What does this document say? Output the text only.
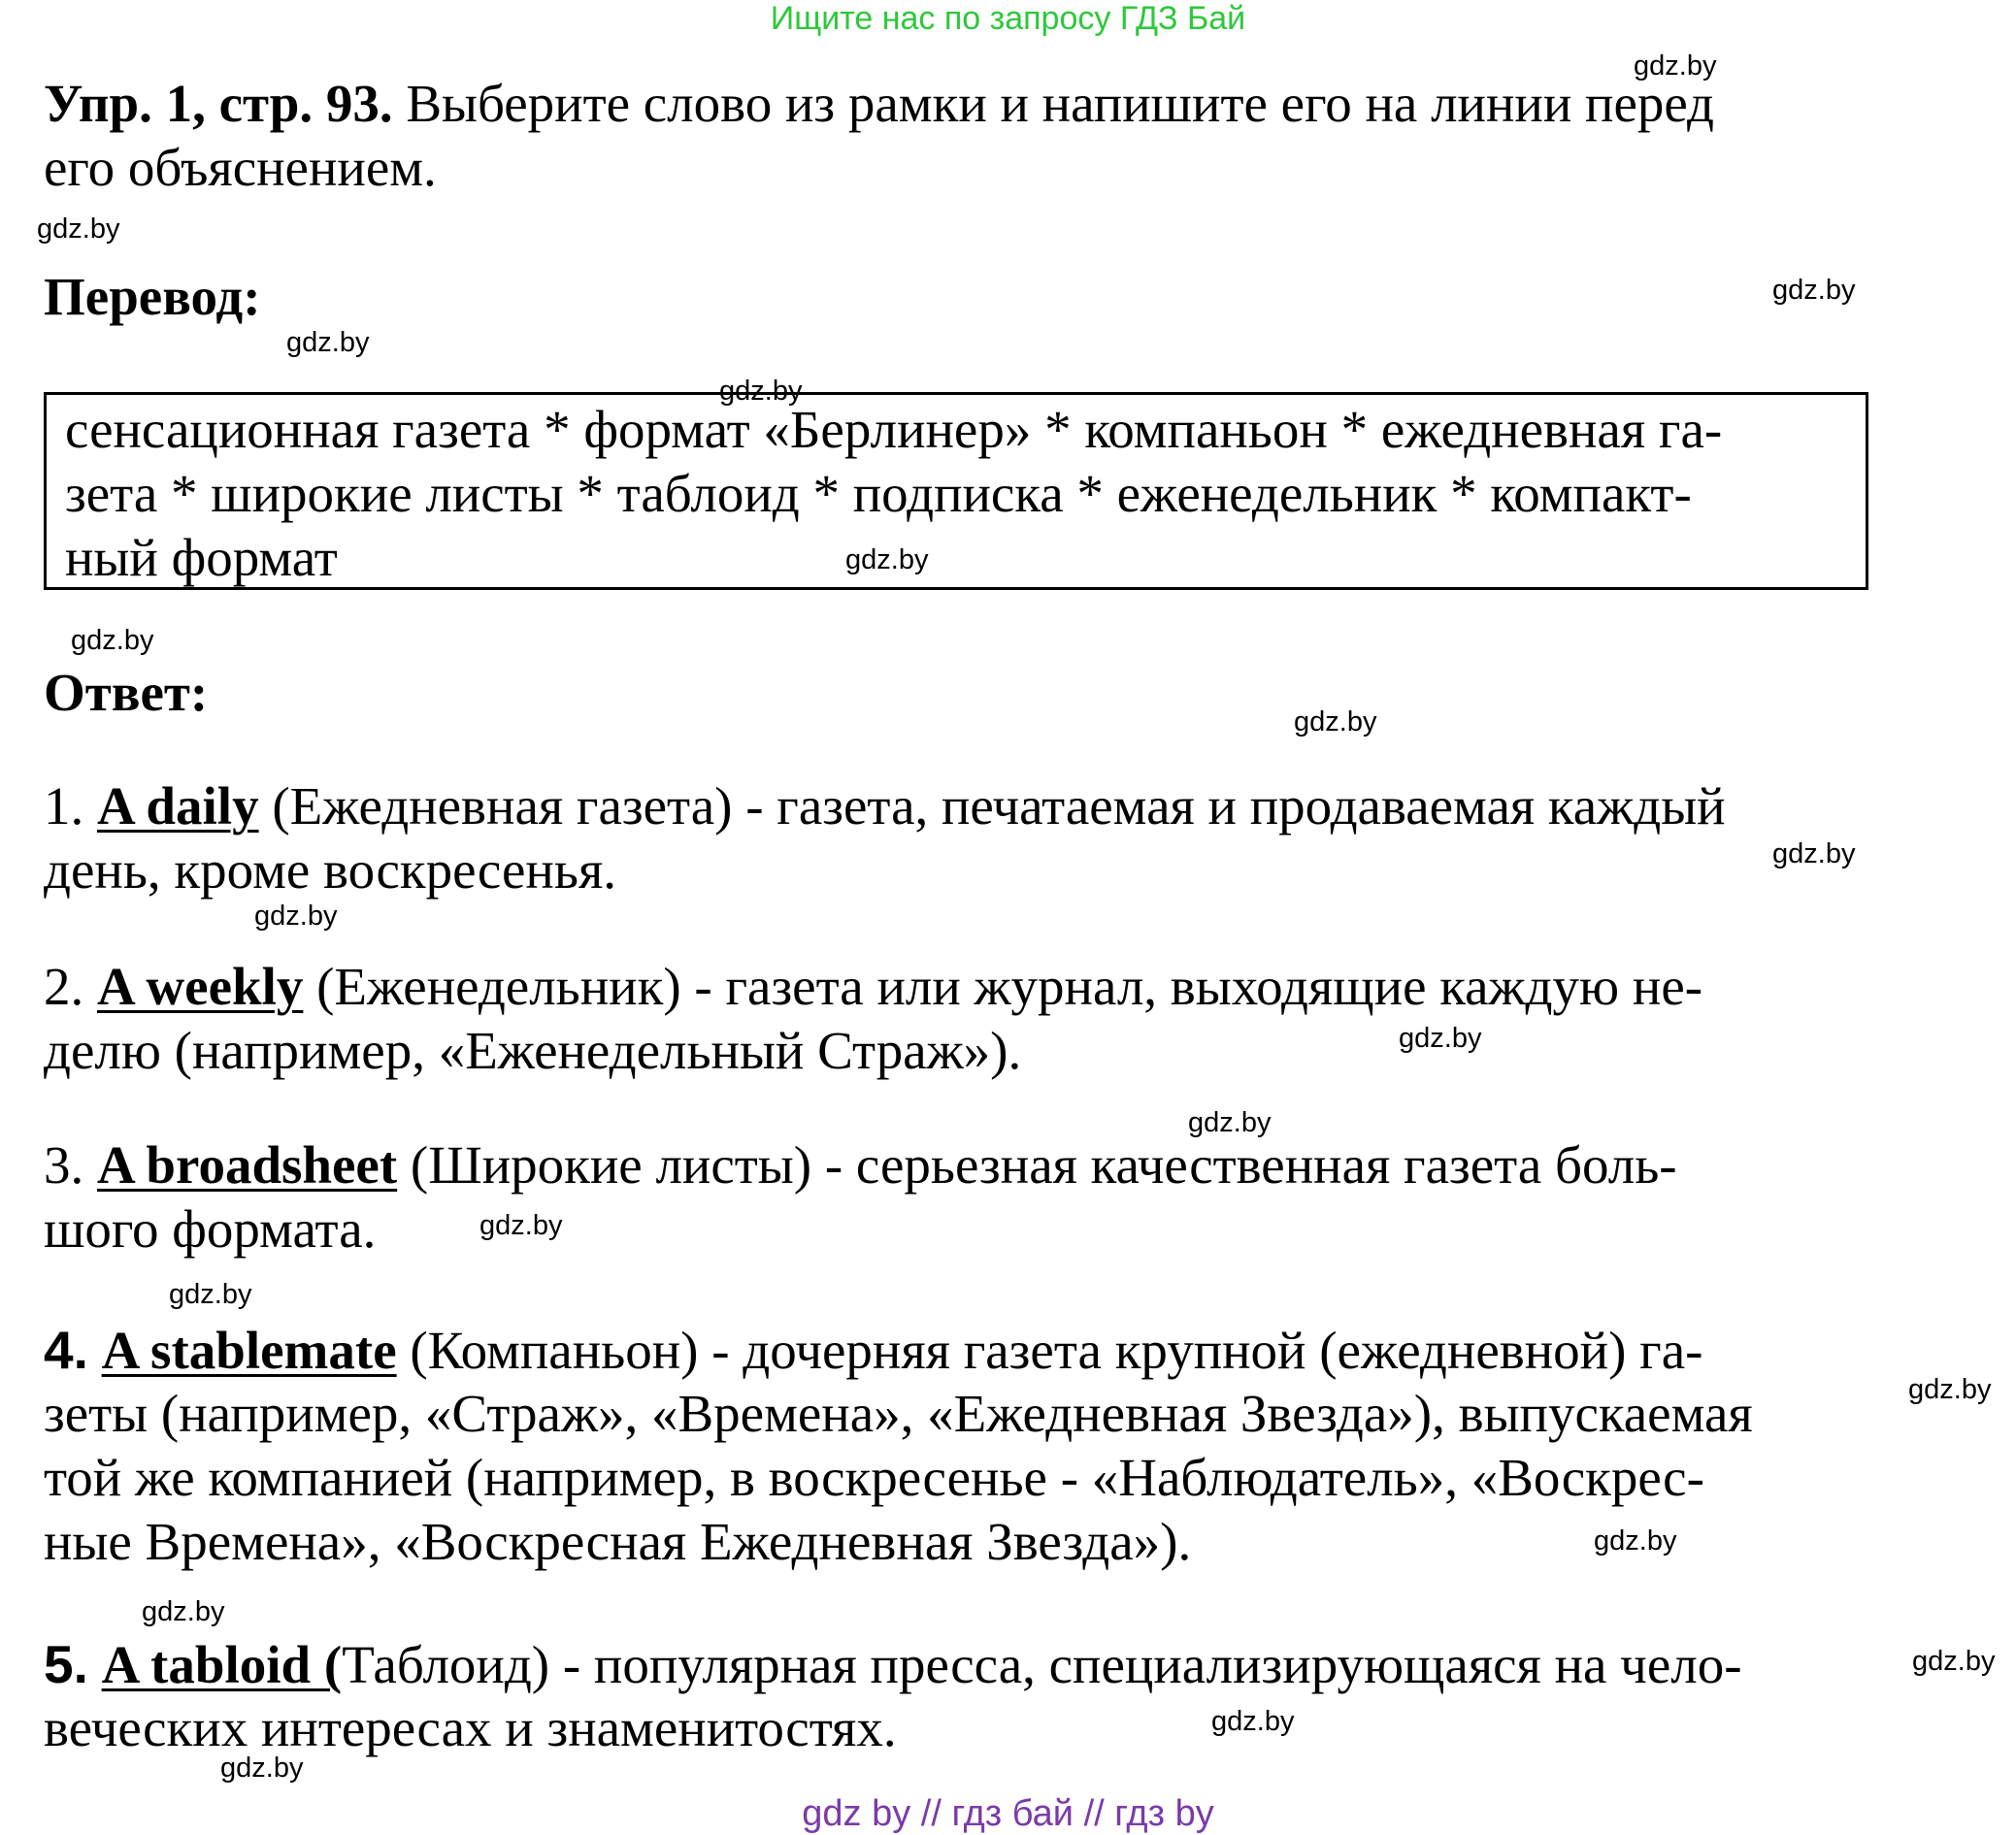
Ищите нас по запросу ГДЗ Бай
gdz.by
gdz.by
gdz.by
gdz.by
gdz.by
gdz.by
gdz.by
gdz.by
gdz.by
gdz.by
gdz.by
gdz.by
gdz.by
gdz.by
gdz.by
gdz.by
gdz.by
gdz.by
gdz.by
gdz.by
Упр. 1, стр. 93. Выберите слово из рамки и напишите его на линии перед
его объяснением.
Перевод:
сенсационная газета * формат «Берлинер» * компаньон * ежедневная га-
зета * широкие листы * таблоид * подписка * еженедельник * компакт-
ный формат
Ответ:
1. A daily (Ежедневная газета) - газета, печатаемая и продаваемая каждый
день, кроме воскресенья.
2. A weekly (Еженедельник) - газета или журнал, выходящие каждую не-
делю (например, «Еженедельный Страж»).
3. A broadsheet (Широкие листы) - серьезная качественная газета боль-
шого формата.
4. A stablemate (Компаньон) - дочерняя газета крупной (ежедневной) га-
зеты (например, «Страж», «Времена», «Ежедневная Звезда»), выпускаемая
той же компанией (например, в воскресенье - «Наблюдатель», «Воскрес-
ные Времена», «Воскресная Ежедневная Звезда»).
5. A tabloid (Таблоид) - популярная пресса, специализирующаяся на чело-
веческих интересах и знаменитостях.
gdz by // гдз бай // гдз by
